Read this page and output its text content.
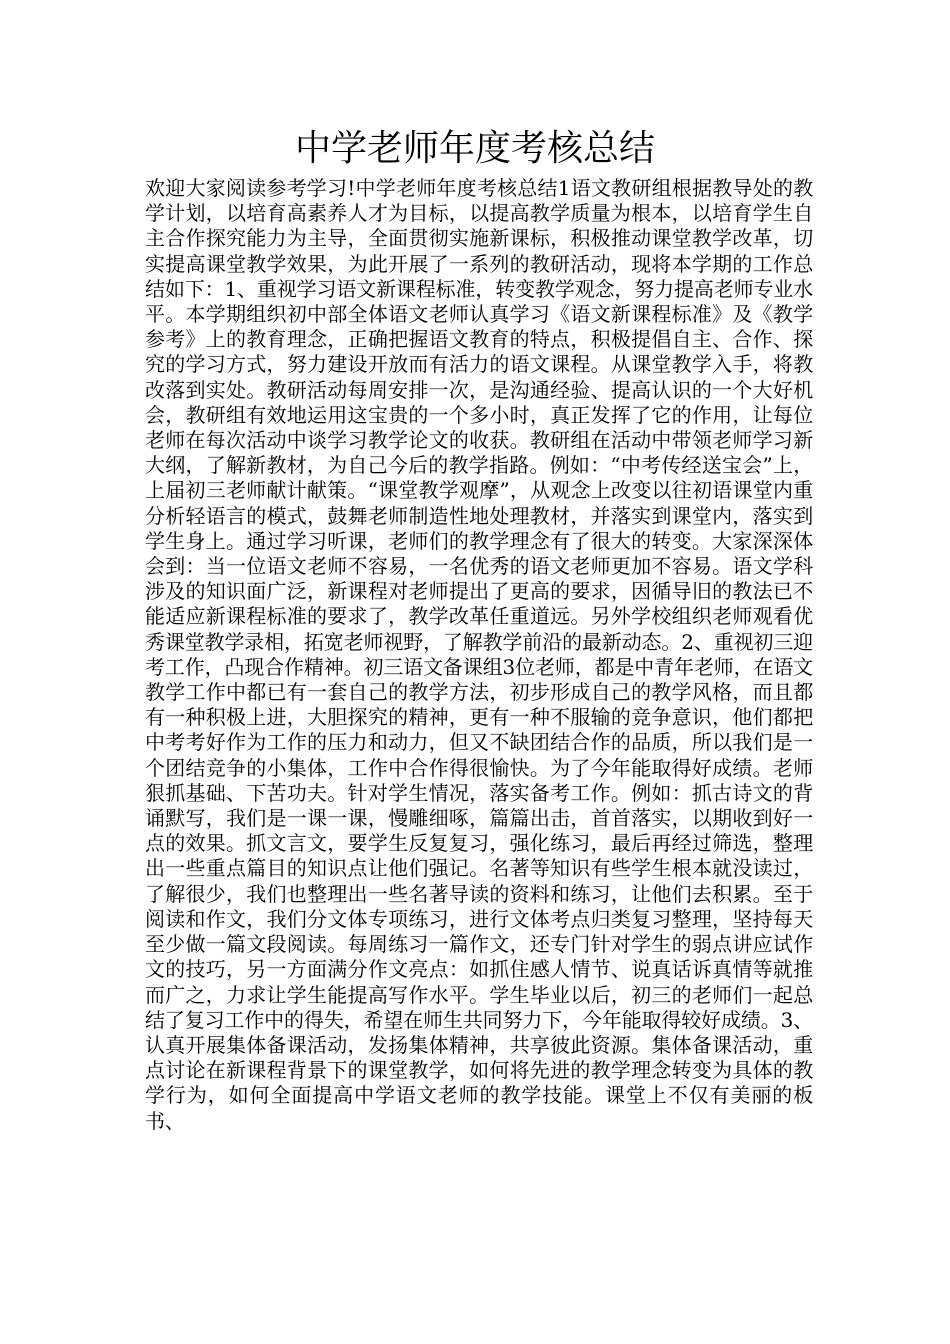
中学老师年度考核总结

欢迎大家阅读参考学习!中学老师年度考核总结1语文教研组根据教导处的教学计划，以培育高素养人才为目标，以提高教学质量为根本，以培育学生自主合作探究能力为主导，全面贯彻实施新课标，积极推动课堂教学改革，切实提高课堂教学效果，为此开展了一系列的教研活动，现将本学期的工作总结如下：1、重视学习语文新课程标准，转变教学观念，努力提高老师专业水平。本学期组织初中部全体语文老师认真学习《语文新课程标准》及《教学参考》上的教育理念，正确把握语文教育的特点，积极提倡自主、合作、探究的学习方式，努力建设开放而有活力的语文课程。从课堂教学入手，将教改落到实处。教研活动每周安排一次，是沟通经验、提高认识的一个大好机会，教研组有效地运用这宝贵的一个多小时，真正发挥了它的作用，让每位老师在每次活动中谈学习教学论文的收获。教研组在活动中带领老师学习新大纲，了解新教材，为自己今后的教学指路。例如：“中考传经送宝会”上，上届初三老师献计献策。“课堂教学观摩”，从观念上改变以往初语课堂内重分析轻语言的模式，鼓舞老师制造性地处理教材，并落实到课堂内，落实到学生身上。通过学习听课，老师们的教学理念有了很大的转变。大家深深体会到：当一位语文老师不容易，一名优秀的语文老师更加不容易。语文学科涉及的知识面广泛，新课程对老师提出了更高的要求，因循导旧的教法已不能适应新课程标准的要求了，教学改革任重道远。另外学校组织老师观看优秀课堂教学录相，拓宽老师视野，了解教学前沿的最新动态。2、重视初三迎考工作，凸现合作精神。初三语文备课组3位老师，都是中青年老师，在语文教学工作中都已有一套自己的教学方法，初步形成自己的教学风格，而且都有一种积极上进，大胆探究的精神，更有一种不服输的竞争意识，他们都把中考考好作为工作的压力和动力，但又不缺团结合作的品质，所以我们是一个团结竞争的小集体，工作中合作得很愉快。为了今年能取得好成绩。老师狠抓基础、下苦功夫。针对学生情况，落实备考工作。例如：抓古诗文的背诵默写，我们是一课一课，慢雕细啄，篇篇出击，首首落实，以期收到好一点的效果。抓文言文，要学生反复复习，强化练习，最后再经过筛选，整理出一些重点篇目的知识点让他们强记。名著等知识有些学生根本就没读过，了解很少，我们也整理出一些名著导读的资料和练习，让他们去积累。至于阅读和作文，我们分文体专项练习，进行文体考点归类复习整理，坚持每天至少做一篇文段阅读。每周练习一篇作文，还专门针对学生的弱点讲应试作文的技巧，另一方面满分作文亮点：如抓住感人情节、说真话诉真情等就推而广之，力求让学生能提高写作水平。学生毕业以后，初三的老师们一起总结了复习工作中的得失，希望在师生共同努力下，今年能取得较好成绩。3、认真开展集体备课活动，发扬集体精神，共享彼此资源。集体备课活动，重点讨论在新课程背景下的课堂教学，如何将先进的教学理念转变为具体的教学行为，如何全面提高中学语文老师的教学技能。课堂上不仅有美丽的板书、
